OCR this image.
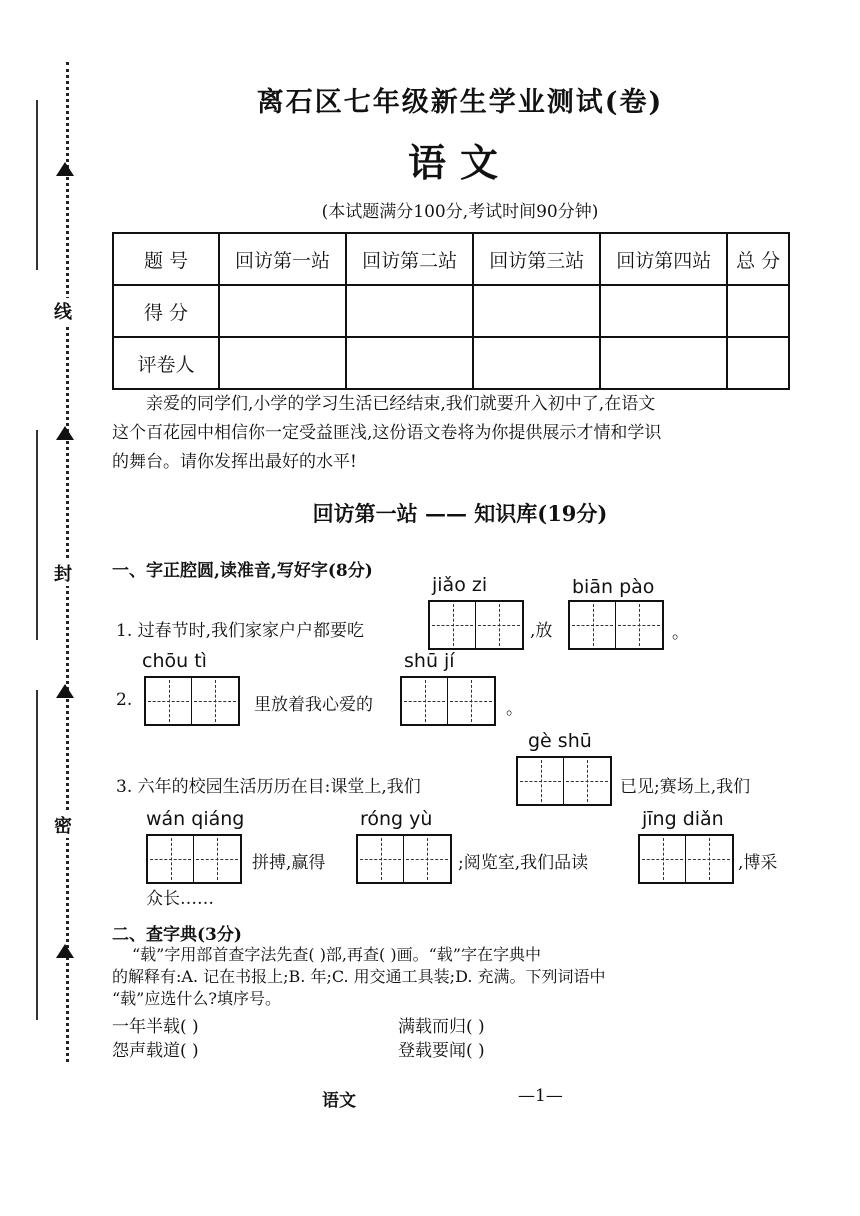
线
封
密
离石区七年级新生学业测试(卷)
语文
(本试题满分100分,考试时间90分钟)
题 号	回访第一站	回访第二站	回访第三站	回访第四站	总 分
得 分					
评卷人					

亲爱的同学们,小学的学习生活已经结束,我们就要升入初中了,在语文

这个百花园中相信你一定受益匪浅,这份语文卷将为你提供展示才情和学识
的舞台。请你发挥出最好的水平!
回访第一站 —— 知识库(19分)
一、字正腔圆,读准音,写好字(8分)
jiǎo zi	biān pào
1. 过春节时,我们家家户户都要吃	,放	。
chōu tì	shū jí
2.	里放着我心爱的	。
gè shū
3. 六年的校园生活历历在目:课堂上,我们	已见;赛场上,我们
wán qiáng	róng yù	jīng diǎn
拼搏,赢得	;阅览室,我们品读	,博采
众长……
二、查字典(3分)
“载”字用部首查字法先查( )部,再查( )画。“载”字在字典中
的解释有:A. 记在书报上;B. 年;C. 用交通工具装;D. 充满。下列词语中
“载”应选什么?填序号。
一年半载( )	满载而归( )
怨声载道( )	登载要闻( )
语文	—1—
